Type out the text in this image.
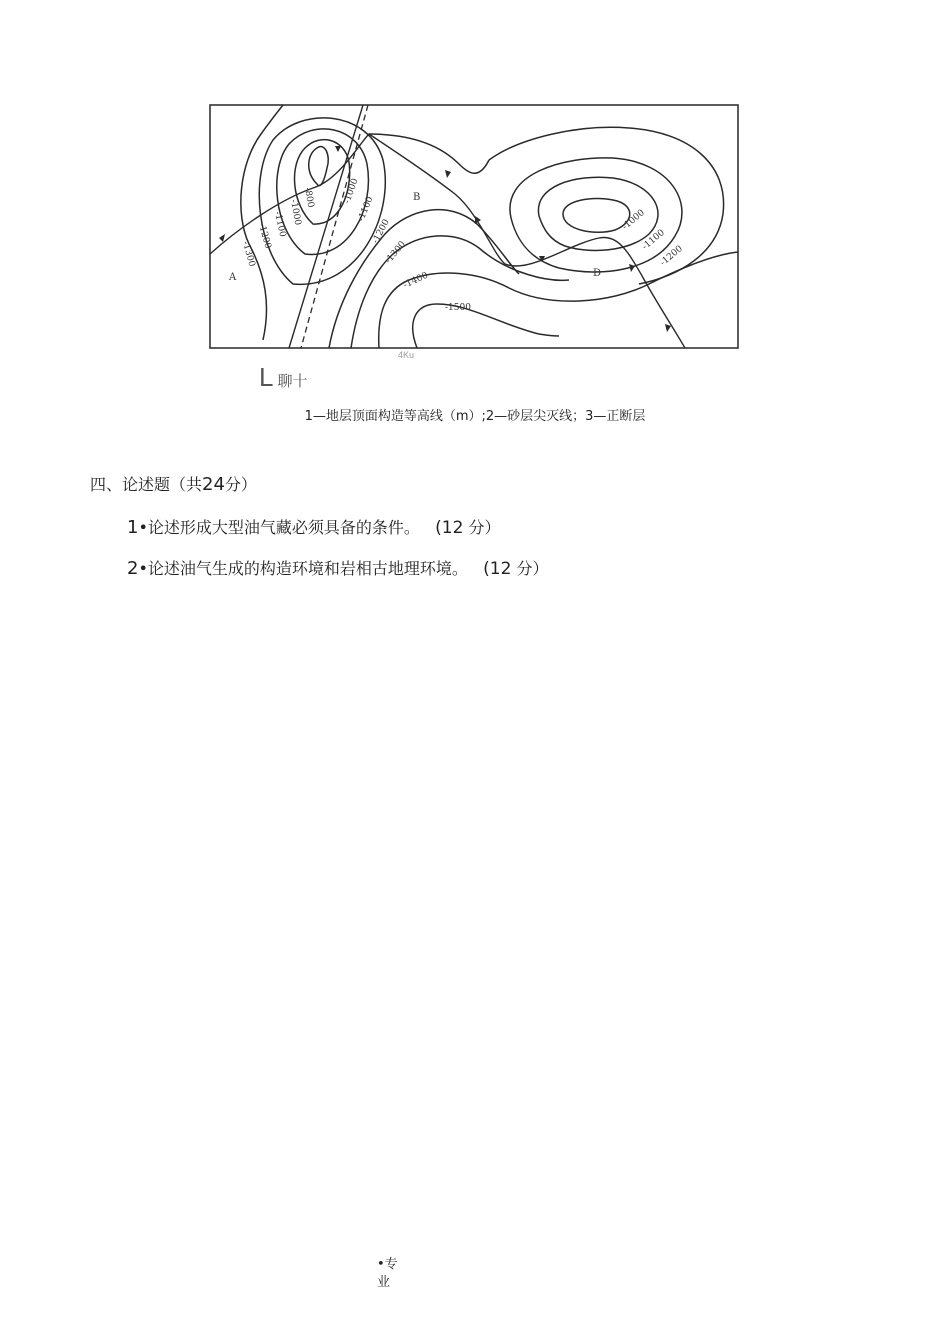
-800
-1000
-1100
-1200
-1300
-1000
-1100
-1200
-1300
-1400
-1500
-1000
-1100
-1200
A
B
D
4Ku
L 聊十
1—地层顶面构造等高线（m）;2—砂层尖灭线；3—正断层
四、论述题（共24分）
1•论述形成大型油气藏必须具备的条件。 (12 分）
2•论述油气生成的构造环境和岩相古地理环境。 (12 分）
•专
业
